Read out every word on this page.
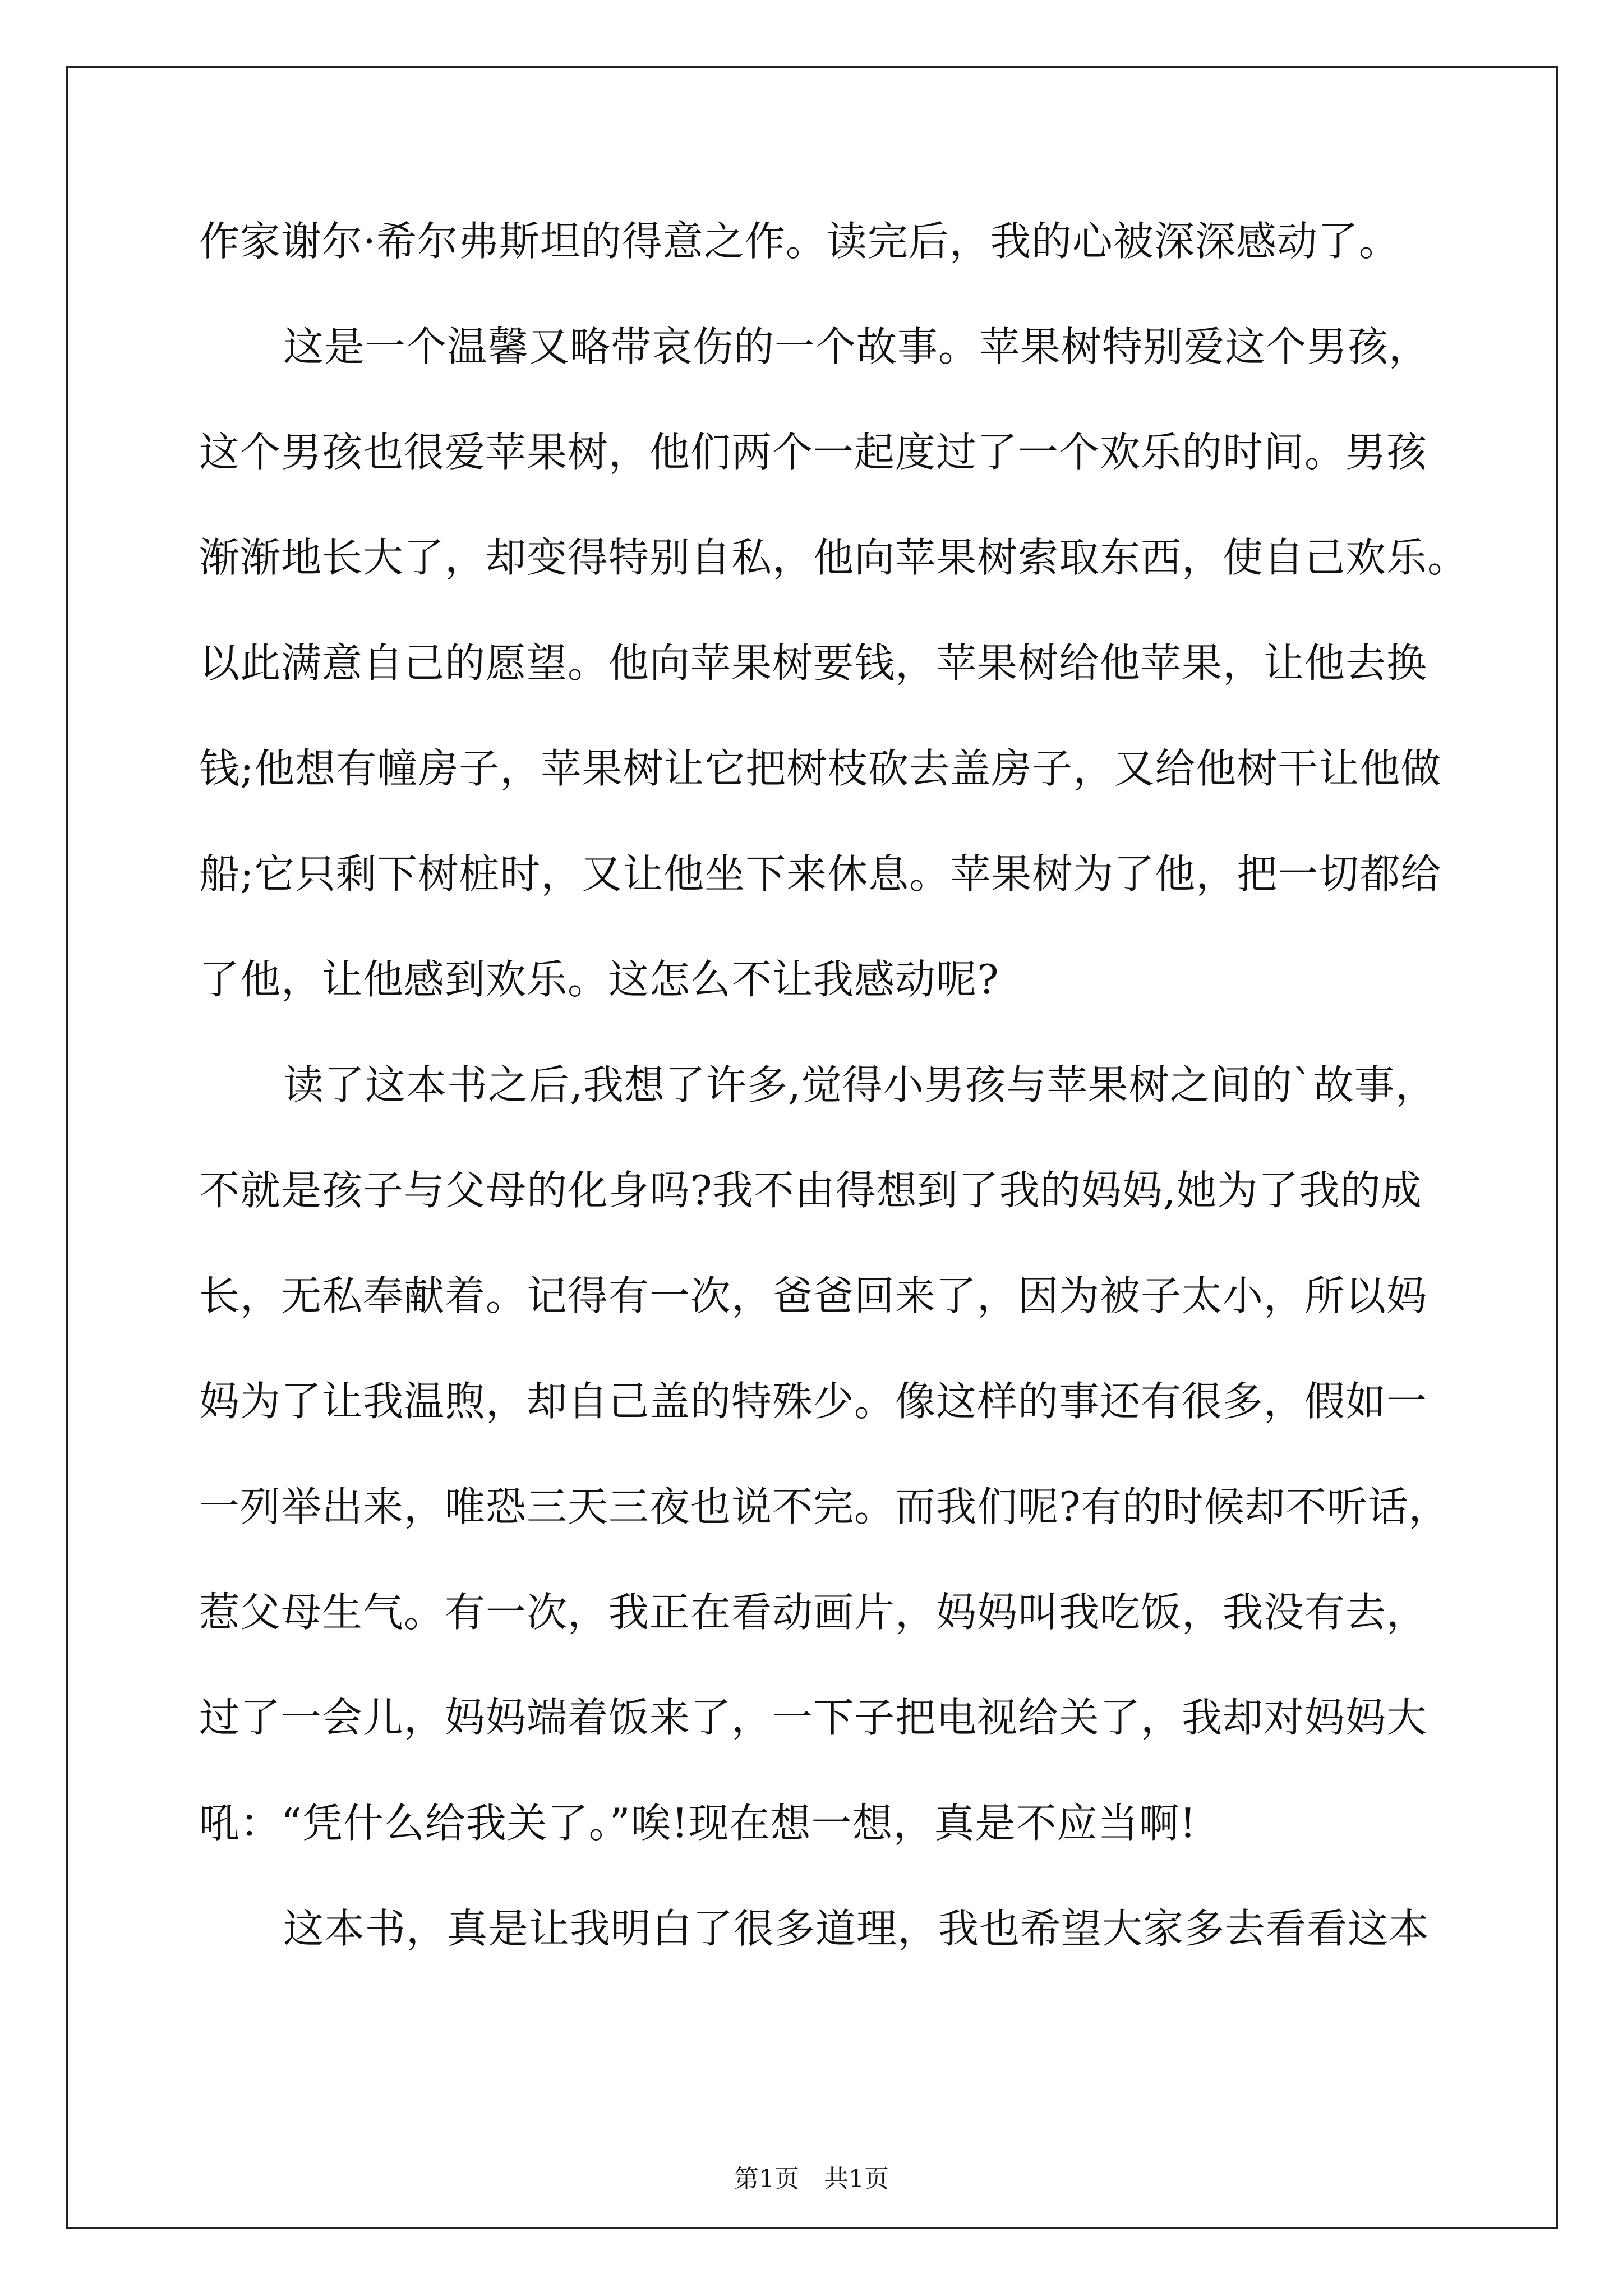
作家谢尔·希尔弗斯坦的得意之作。读完后，我的心被深深感动了。
这是一个温馨又略带哀伤的一个故事。苹果树特别爱这个男孩，
这个男孩也很爱苹果树，他们两个一起度过了一个欢乐的时间。男孩
渐渐地长大了，却变得特别自私，他向苹果树索取东西，使自己欢乐。
以此满意自己的愿望。他向苹果树要钱，苹果树给他苹果，让他去换
钱;他想有幢房子，苹果树让它把树枝砍去盖房子，又给他树干让他做
船;它只剩下树桩时，又让他坐下来休息。苹果树为了他，把一切都给
了他，让他感到欢乐。这怎么不让我感动呢?
读了这本书之后,我想了许多,觉得小男孩与苹果树之间的`故事，
不就是孩子与父母的化身吗?我不由得想到了我的妈妈,她为了我的成
长，无私奉献着。记得有一次，爸爸回来了，因为被子太小，所以妈
妈为了让我温煦，却自己盖的特殊少。像这样的事还有很多，假如一
一列举出来，唯恐三天三夜也说不完。而我们呢?有的时候却不听话，
惹父母生气。有一次，我正在看动画片，妈妈叫我吃饭，我没有去，
过了一会儿，妈妈端着饭来了，一下子把电视给关了，我却对妈妈大
吼：“凭什么给我关了。”唉!现在想一想，真是不应当啊!
这本书，真是让我明白了很多道理，我也希望大家多去看看这本
第1页 共1页
